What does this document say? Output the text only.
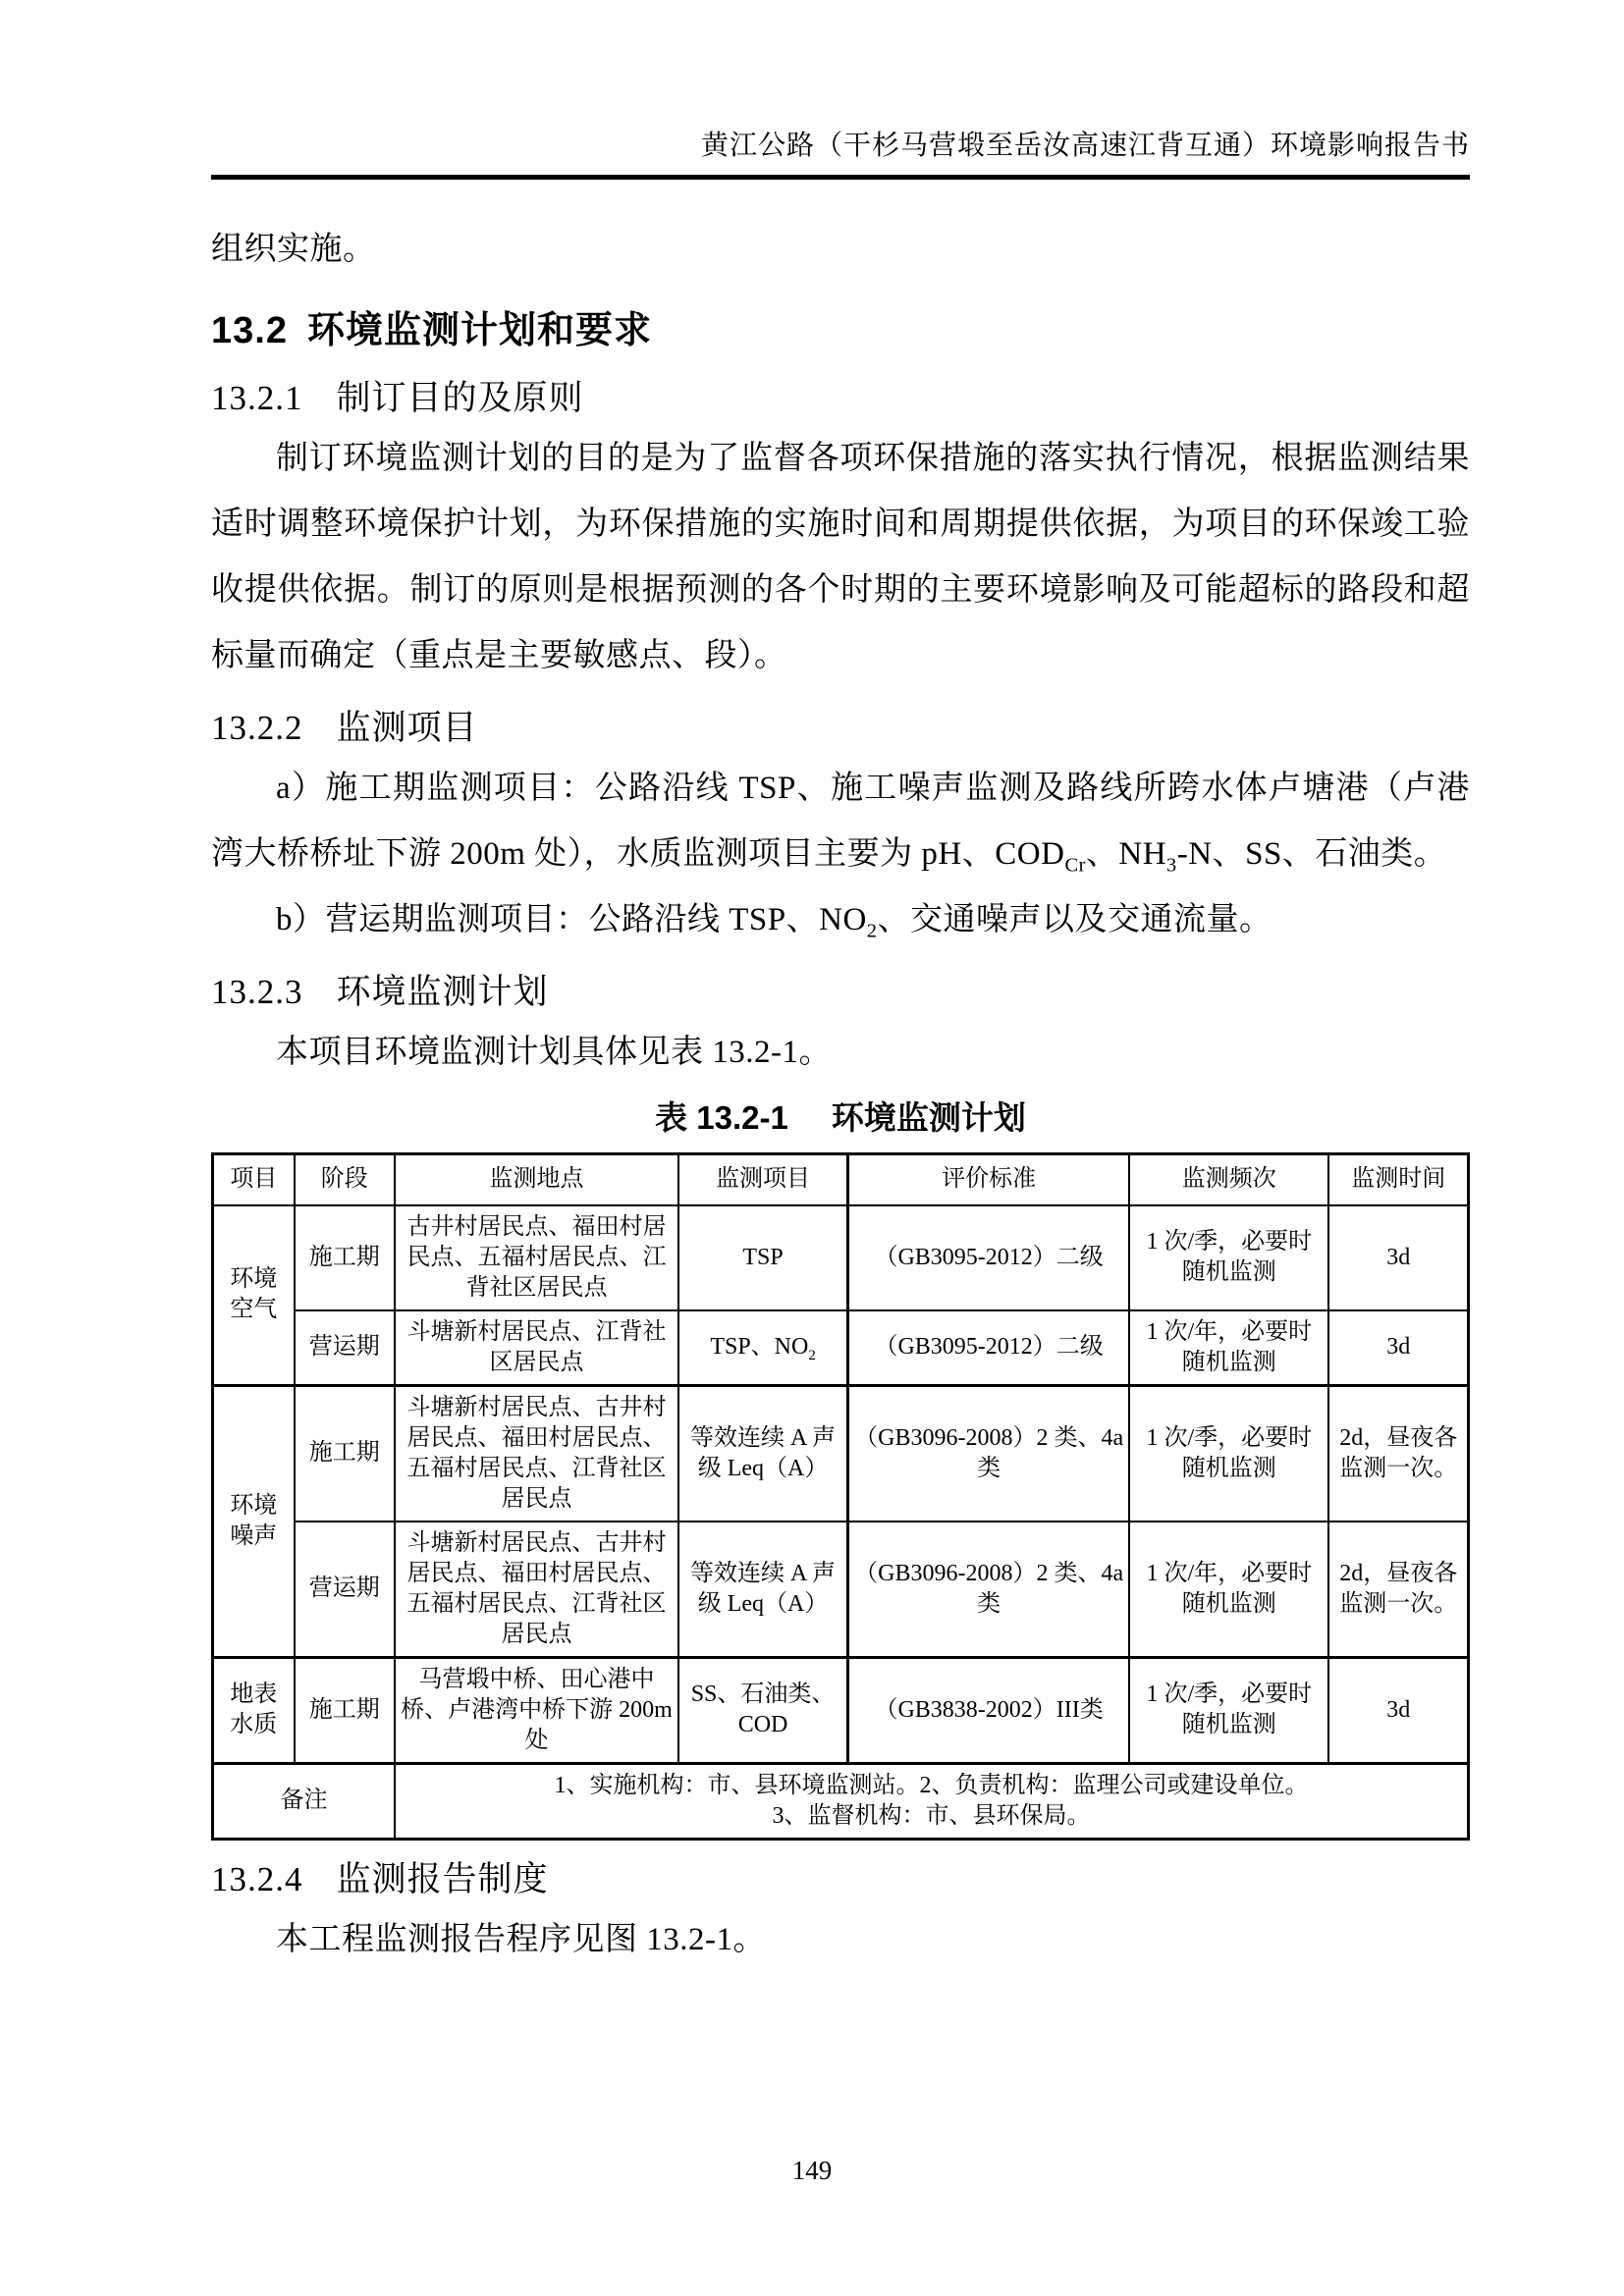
黄江公路（干杉马营塅至岳汝高速江背互通）环境影响报告书

组织实施。

13.2 环境监测计划和要求
13.2.1 制订目的及原则

制订环境监测计划的目的是为了监督各项环保措施的落实执行情况，根据监测结果适时调整环境保护计划，为环保措施的实施时间和周期提供依据，为项目的环保竣工验收提供依据。制订的原则是根据预测的各个时期的主要环境影响及可能超标的路段和超标量而确定（重点是主要敏感点、段）。

13.2.2 监测项目

a）施工期监测项目：公路沿线 TSP、施工噪声监测及路线所跨水体卢塘港（卢港湾大桥桥址下游 200m 处），水质监测项目主要为 pH、$COD_{Cr}$、$NH_3-N$、SS、石油类。

b）营运期监测项目：公路沿线 TSP、$NO_2$、交通噪声以及交通流量。

13.2.3 环境监测计划

本项目环境监测计划具体见表 13.2-1。

表 13.2-1 环境监测计划
项目	阶段	监测地点	监测项目	评价标准	监测频次	监测时间
环境空气	施工期	古井村居民点、福田村居民点、五福村居民点、江背社区居民点	TSP	（GB3095-2012）二级	1 次/季，必要时随机监测	3d
	营运期	斗塘新村居民点、江背社区居民点	TSP、$NO_2$	（GB3095-2012）二级	1 次/年，必要时随机监测	3d
环境噪声	施工期	斗塘新村居民点、古井村居民点、福田村居民点、五福村居民点、江背社区居民点	等效连续 A 声级 Leq（A）	（GB3096-2008）2 类、4a 类	1 次/季，必要时随机监测	2d，昼夜各监测一次。
	营运期	斗塘新村居民点、古井村居民点、福田村居民点、五福村居民点、江背社区居民点	等效连续 A 声级 Leq（A）	（GB3096-2008）2 类、4a 类	1 次/年，必要时随机监测	2d，昼夜各监测一次。
地表水质	施工期	马营塅中桥、田心港中桥、卢港湾中桥下游 200m 处	SS、石油类、COD	（GB3838-2002）III类	1 次/季，必要时随机监测	3d
备注		1、实施机构：市、县环境监测站。2、负责机构：监理公司或建设单位。
3、监督机构：市、县环保局。				
13.2.4 监测报告制度

本工程监测报告程序见图 13.2-1。

149
